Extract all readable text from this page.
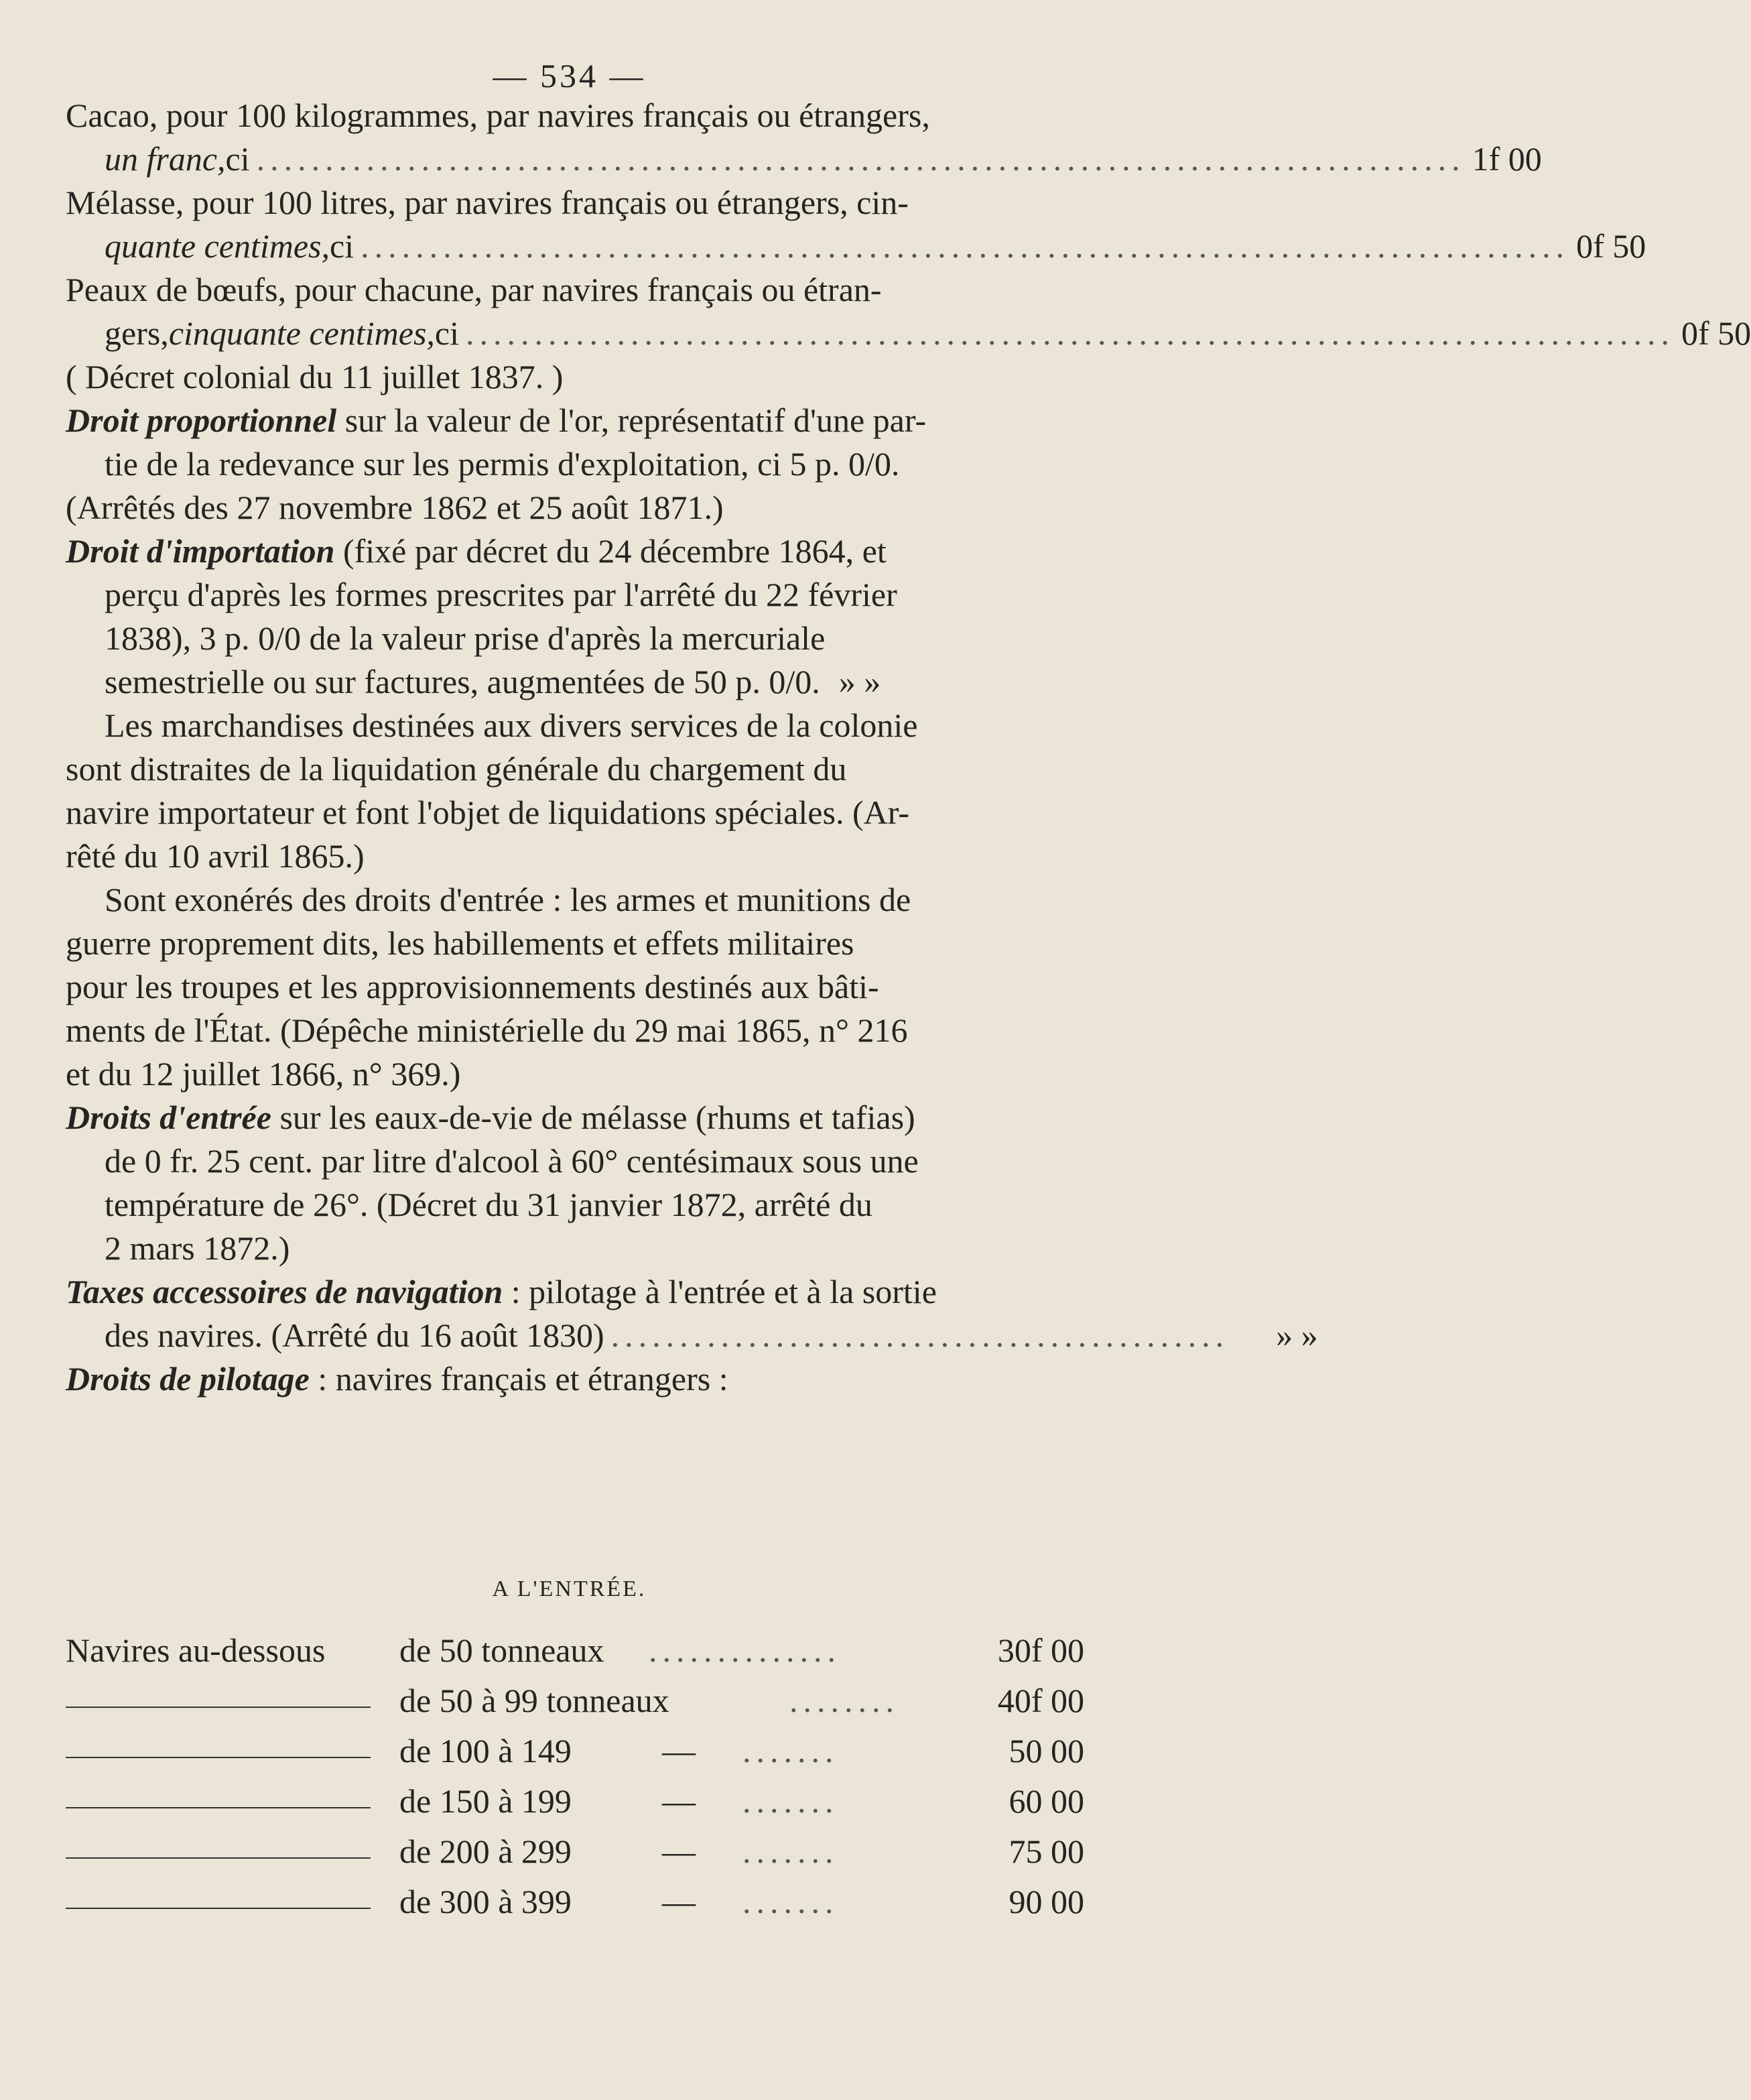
— 534 —
Cacao, pour 100 kilogrammes, par navires français ou étrangers,
un franc, ci ........................................................................................ 1f 00
Mélasse, pour 100 litres, par navires français ou étrangers, cin-
quante centimes, ci ........................................................................................ 0f 50
Peaux de bœufs, pour chacune, par navires français ou étran-
gers, cinquante centimes, ci ........................................................................................ 0f 50
( Décret colonial du 11 juillet 1837. )
Droit proportionnel sur la valeur de l'or, représentatif d'une par-
tie de la redevance sur les permis d'exploitation, ci 5 p. 0/0.
(Arrêtés des 27 novembre 1862 et 25 août 1871.)
Droit d'importation (fixé par décret du 24 décembre 1864, et
perçu d'après les formes prescrites par l'arrêté du 22 février
1838), 3 p. 0/0 de la valeur prise d'après la mercuriale
semestrielle ou sur factures, augmentées de 50 p. 0/0. » »
Les marchandises destinées aux divers services de la colonie
sont distraites de la liquidation générale du chargement du
navire importateur et font l'objet de liquidations spéciales. (Ar-
rêté du 10 avril 1865.)
Sont exonérés des droits d'entrée : les armes et munitions de
guerre proprement dits, les habillements et effets militaires
pour les troupes et les approvisionnements destinés aux bâti-
ments de l'État. (Dépêche ministérielle du 29 mai 1865, n° 216
et du 12 juillet 1866, n° 369.)
Droits d'entrée sur les eaux-de-vie de mélasse (rhums et tafias)
de 0 fr. 25 cent. par litre d'alcool à 60° centésimaux sous une
température de 26°. (Décret du 31 janvier 1872, arrêté du
2 mars 1872.)
Taxes accessoires de navigation : pilotage à l'entrée et à la sortie
des navires. (Arrêté du 16 août 1830) ............................................. » »
Droits de pilotage : navires français et étrangers :
A L'ENTRÉE.
Navires au-dessous	de 50 tonneaux ..............	30f 00
de 50 à 99 tonneaux	........	40f 00
de 100 à 149	— .......	50 00
de 150 à 199	— .......	60 00
de 200 à 299	— .......	75 00
de 300 à 399	— .......	90 00
